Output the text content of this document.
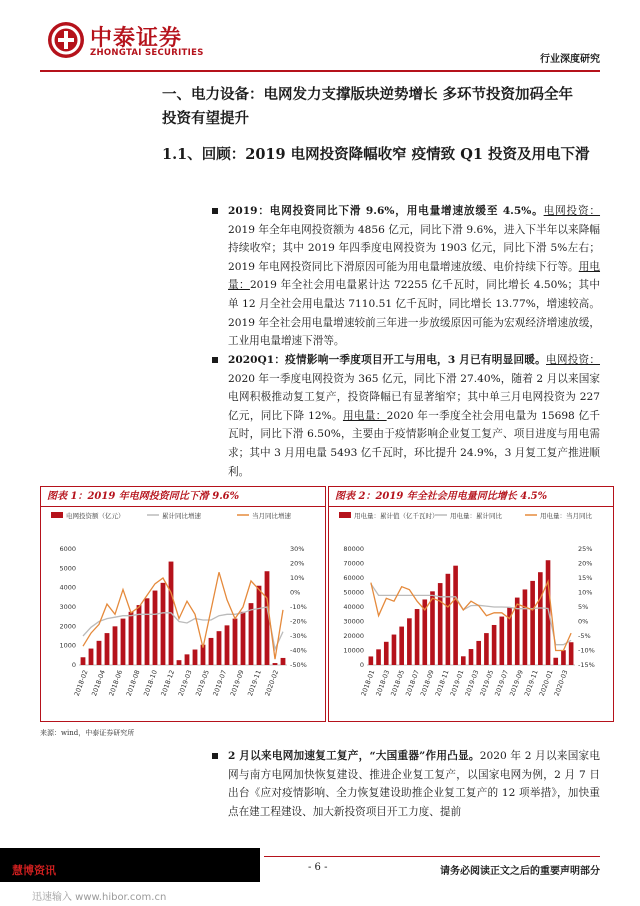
中泰证券
ZHONGTAI SECURITIES
行业深度研究
一、电力设备：电网发力支撑版块逆势增长 多环节投资加码全年
投资有望提升
1.1、回顾：2019 电网投资降幅收窄 疫情致 Q1 投资及用电下滑
2019：电网投资同比下滑 9.6%，用电量增速放缓至 4.5%。电网投资：2019 年全年电网投资额为 4856 亿元，同比下滑 9.6%，进入下半年以来降幅持续收窄；其中 2019 年四季度电网投资为 1903 亿元，同比下滑 5%左右；2019 年电网投资同比下滑原因可能为用电量增速放缓、电价持续下行等。用电量：2019 年全社会用电量累计达 72255 亿千瓦时，同比增长 4.50%；其中单 12 月全社会用电量达 7110.51 亿千瓦时，同比增长 13.77%，增速较高。2019 年全社会用电量增速较前三年进一步放缓原因可能为宏观经济增速放缓，工业用电量增速下滑等。
2020Q1：疫情影响一季度项目开工与用电，3 月已有明显回暖。电网投资：2020 年一季度电网投资为 365 亿元，同比下滑 27.40%，随着 2 月以来国家电网积极推动复工复产，投资降幅已有显著缩窄；其中单三月电网投资为 227 亿元，同比下降 12%。用电量：2020 年一季度全社会用电量为 15698 亿千瓦时，同比下滑 6.50%，主要由于疫情影响企业复工复产、项目进度与用电需求；其中 3 月用电量 5493 亿千瓦时，环比提升 24.9%，3 月复工复产推进顺利。
图表 1：2019 年电网投资同比下滑 9.6%
电网投资额（亿元）	累计同比增速	当月同比增速
0
1000
2000
3000
4000
5000
6000
-50%
-40%
-30%
-20%
-10%
0%
10%
20%
30%
2018-02 2018-04 2018-06 2018-08 2018-10 2018-12 2019-03 2019-05 2019-07 2019-09 2019-11 2020-02
图表 2：2019 年全社会用电量同比增长 4.5%
用电量：累计值（亿千瓦时） 用电量：累计同比	用电量：当月同比
0
10000
20000
30000
40000
50000
60000
70000
80000
-15%
-10%
-5%
0%
5%
10%
15%
20%
25%
2018-01
2018-03
2018-05
2018-07
2018-09
2018-11
2019-01
2019-03
2019-05
2019-07
2019-09
2019-11
2020-01
2020-03
来源：wind，中泰证券研究所
2 月以来电网加速复工复产，“大国重器”作用凸显。2020 年 2 月以来国家电网与南方电网加快恢复建设、推进企业复工复产，以国家电网为例，2 月 7 日出台《应对疫情影响、全力恢复建设助推企业复工复产的 12 项举措》，加快重点在建工程建设、加大新投资项目开工力度、提前
慧博资讯	- 6 -	请务必阅读正文之后的重要声明部分
迅速输入 www.hibor.com.cn
